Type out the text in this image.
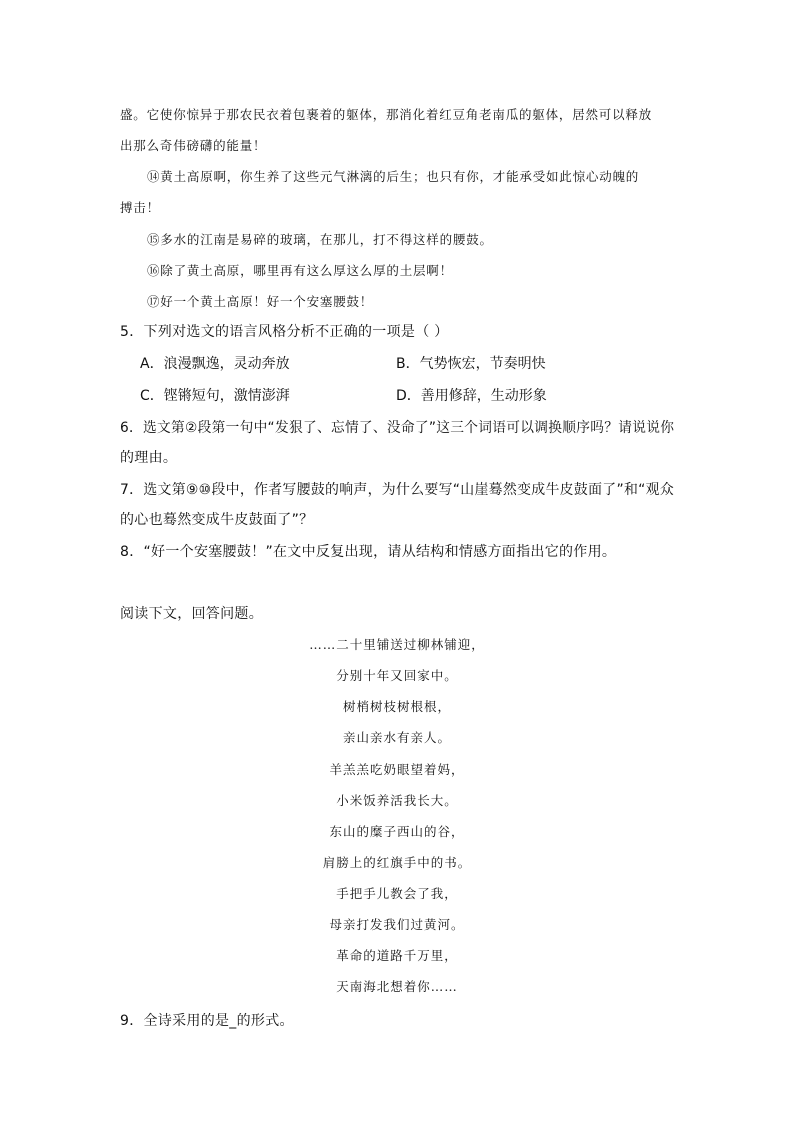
盛。它使你惊异于那农民衣着包裹着的躯体，那消化着红豆角老南瓜的躯体，居然可以释放
出那么奇伟磅礴的能量！
⑭黄土高原啊，你生养了这些元气淋漓的后生；也只有你，才能承受如此惊心动魄的
搏击！
⑮多水的江南是易碎的玻璃，在那儿，打不得这样的腰鼓。
⑯除了黄土高原，哪里再有这么厚这么厚的土层啊！
⑰好一个黄土高原！好一个安塞腰鼓！
5．下列对选文的语言风格分析不正确的一项是（ ）
A．浪漫飘逸，灵动奔放	B．气势恢宏，节奏明快
C．铿锵短句，激情澎湃	D．善用修辞，生动形象
6．选文第②段第一句中“发狠了、忘情了、没命了”这三个词语可以调换顺序吗？请说说你
的理由。
7．选文第⑨⑩段中，作者写腰鼓的响声，为什么要写“山崖蓦然变成牛皮鼓面了”和“观众
的心也蓦然变成牛皮鼓面了”？
8．“好一个安塞腰鼓！”在文中反复出现，请从结构和情感方面指出它的作用。
阅读下文，回答问题。
……二十里铺送过柳林铺迎，
分别十年又回家中。
树梢树枝树根根，
亲山亲水有亲人。
羊羔羔吃奶眼望着妈，
小米饭养活我长大。
东山的糜子西山的谷，
肩膀上的红旗手中的书。
手把手儿教会了我，
母亲打发我们过黄河。
革命的道路千万里，
天南海北想着你……
9．全诗采用的是_的形式。
